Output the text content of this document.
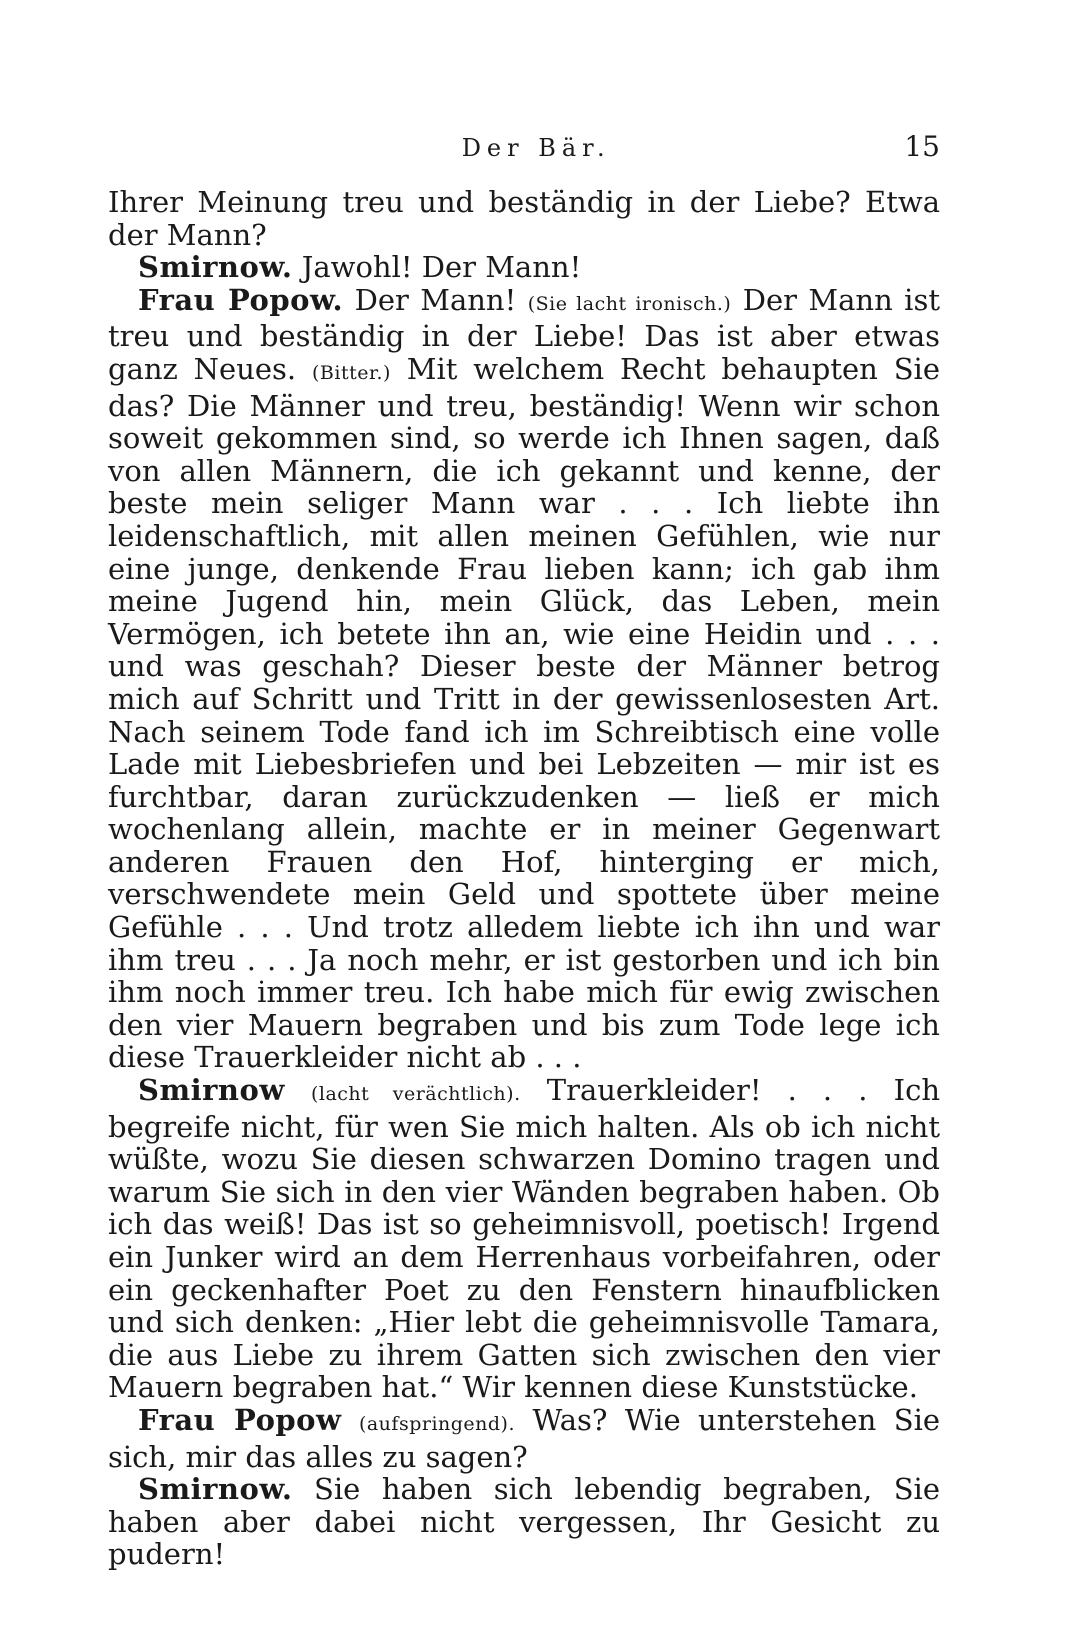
Der Bär.	15

Ihrer Meinung treu und beständig in der Liebe? Etwa der Mann?

Smirnow. Jawohl! Der Mann!

Frau Popow. Der Mann! (Sie lacht ironisch.) Der Mann ist treu und beständig in der Liebe! Das ist aber etwas ganz Neues. (Bitter.) Mit welchem Recht behaupten Sie das? Die Männer und treu, beständig! Wenn wir schon soweit gekommen sind, so werde ich Ihnen sagen, daß von allen Männern, die ich gekannt und kenne, der beste mein seliger Mann war . . . Ich liebte ihn leidenschaftlich, mit allen meinen Gefühlen, wie nur eine junge, denkende Frau lieben kann; ich gab ihm meine Jugend hin, mein Glück, das Leben, mein Vermögen, ich betete ihn an, wie eine Heidin und . . . und was geschah? Dieser beste der Männer betrog mich auf Schritt und Tritt in der gewissenlosesten Art. Nach seinem Tode fand ich im Schreibtisch eine volle Lade mit Liebesbriefen und bei Lebzeiten — mir ist es furchtbar, daran zurückzudenken — ließ er mich wochenlang allein, machte er in meiner Gegenwart anderen Frauen den Hof, hinterging er mich, verschwendete mein Geld und spottete über meine Gefühle . . . Und trotz alledem liebte ich ihn und war ihm treu . . . Ja noch mehr, er ist gestorben und ich bin ihm noch immer treu. Ich habe mich für ewig zwischen den vier Mauern begraben und bis zum Tode lege ich diese Trauerkleider nicht ab . . .

Smirnow (lacht verächtlich). Trauerkleider! . . . Ich begreife nicht, für wen Sie mich halten. Als ob ich nicht wüßte, wozu Sie diesen schwarzen Domino tragen und warum Sie sich in den vier Wänden begraben haben. Ob ich das weiß! Das ist so geheimnisvoll, poetisch! Irgend ein Junker wird an dem Herrenhaus vorbeifahren, oder ein geckenhafter Poet zu den Fenstern hinaufblicken und sich denken: „Hier lebt die geheimnisvolle Tamara, die aus Liebe zu ihrem Gatten sich zwischen den vier Mauern begraben hat.“ Wir kennen diese Kunststücke.

Frau Popow (aufspringend). Was? Wie unterstehen Sie sich, mir das alles zu sagen?

Smirnow. Sie haben sich lebendig begraben, Sie haben aber dabei nicht vergessen, Ihr Gesicht zu pudern!
